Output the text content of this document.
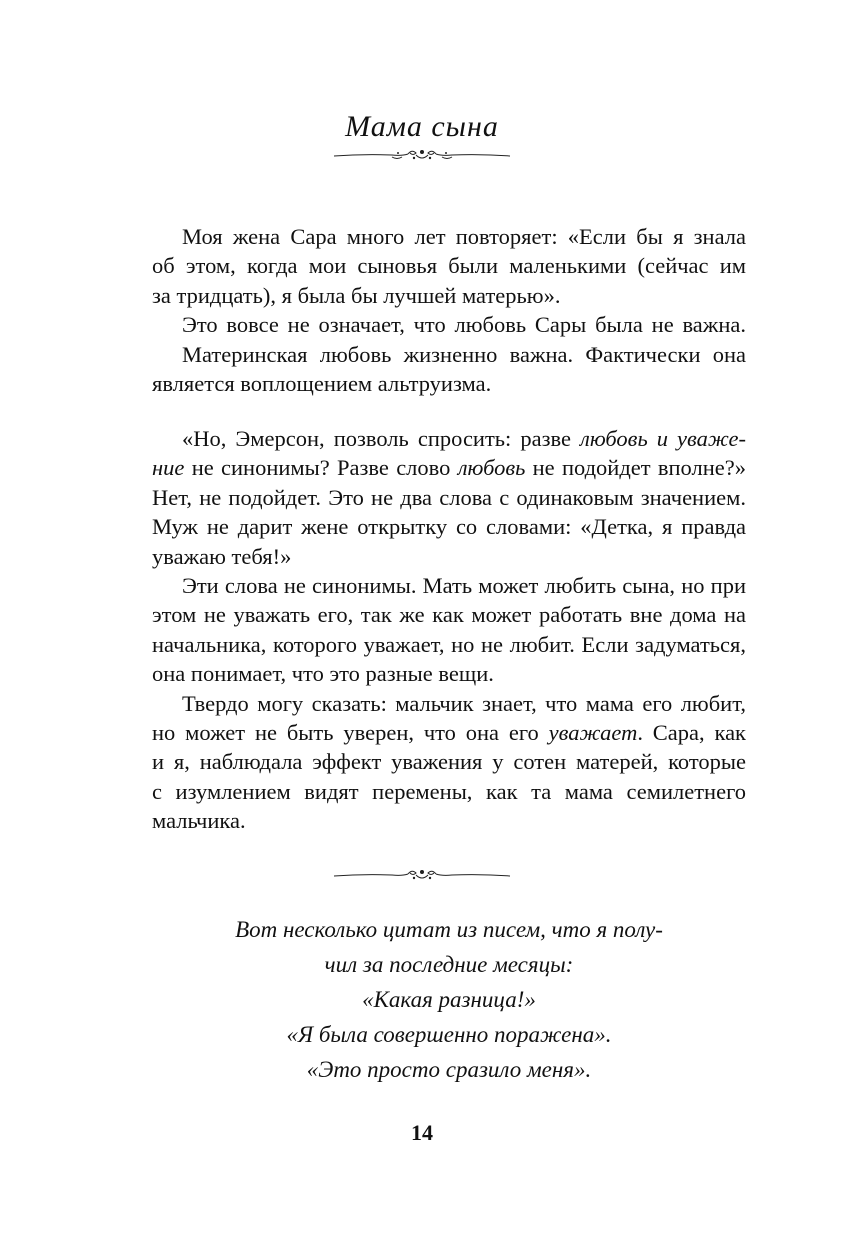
Мама сына
Моя жена Сара много лет повторяет: «Если бы я знала
об этом, когда мои сыновья были маленькими (сейчас им
за тридцать), я была бы лучшей матерью».
Это вовсе не означает, что любовь Сары была не важна.
Материнская любовь жизненно важна. Фактически она
является воплощением альтруизма.
«Но, Эмерсон, позволь спросить: разве любовь и уваже-
ние не синонимы? Разве слово любовь не подойдет вполне?»
Нет, не подойдет. Это не два слова с одинаковым значением.
Муж не дарит жене открытку со словами: «Детка, я правда
уважаю тебя!»
Эти слова не синонимы. Мать может любить сына, но при
этом не уважать его, так же как может работать вне дома на
начальника, которого уважает, но не любит. Если задуматься,
она понимает, что это разные вещи.
Твердо могу сказать: мальчик знает, что мама его любит,
но может не быть уверен, что она его уважает. Сара, как
и я, наблюдала эффект уважения у сотен матерей, которые
с изумлением видят перемены, как та мама семилетнего
мальчика.
Вот несколько цитат из писем, что я полу-
чил за последние месяцы:
«Какая разница!»
«Я была совершенно поражена».
«Это просто сразило меня».
14
